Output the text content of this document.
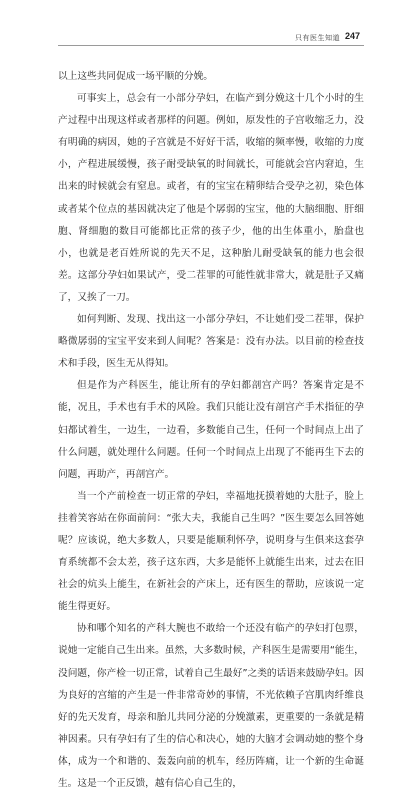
只有医生知道 247

以上这些共同促成一场平顺的分娩。

可事实上，总会有一小部分孕妇，在临产到分娩这十几个小时的生产过程中出现这样或者那样的问题。例如，原发性的子宫收缩乏力，没有明确的病因，她的子宫就是不好好干活，收缩的频率慢，收缩的力度小，产程进展缓慢，孩子耐受缺氧的时间就长，可能就会宫内窘迫，生出来的时候就会有窒息。或者，有的宝宝在精卵结合受孕之初，染色体或者某个位点的基因就决定了他是个孱弱的宝宝，他的大脑细胞、肝细胞、肾细胞的数目可能都比正常的孩子少，他的出生体重小，胎盘也小，也就是老百姓所说的先天不足，这种胎儿耐受缺氧的能力也会很差。这部分孕妇如果试产，受二茬罪的可能性就非常大，就是肚子又痛了，又挨了一刀。

如何判断、发现、找出这一小部分孕妇，不让她们受二茬罪，保护略微孱弱的宝宝平安来到人间呢？答案是：没有办法。以目前的检查技术和手段，医生无从得知。

但是作为产科医生，能让所有的孕妇都剖宫产吗？答案肯定是不能，况且，手术也有手术的风险。我们只能让没有剖宫产手术指征的孕妇都试着生，一边生，一边看，多数能自己生，任何一个时间点上出了什么问题，就处理什么问题。任何一个时间点上出现了不能再生下去的问题，再助产，再剖宫产。

当一个产前检查一切正常的孕妇，幸福地抚摸着她的大肚子，脸上挂着笑容站在你面前问：“张大夫，我能自己生吗？”医生要怎么回答她呢？应该说，绝大多数人，只要是能顺利怀孕，说明身与生俱来这套孕育系统都不会太差，孩子这东西，大多是能怀上就能生出来，过去在旧社会的炕头上能生，在新社会的产床上，还有医生的帮助，应该说一定能生得更好。

协和哪个知名的产科大腕也不敢给一个还没有临产的孕妇打包票，说她一定能自己生出来。虽然，大多数时候，产科医生是需要用“能生，没问题，你产检一切正常，试着自己生最好”之类的话语来鼓励孕妇。因为良好的宫缩的产生是一件非常奇妙的事情，不光依赖子宫肌肉纤维良好的先天发育，母亲和胎儿共同分泌的分娩激素，更重要的一条就是精神因素。只有孕妇有了生的信心和决心，她的大脑才会调动她的整个身体，成为一个和谐的、轰轰向前的机车，经历阵痛，让一个新的生命诞生。这是一个正反馈，越有信心自己生的，
